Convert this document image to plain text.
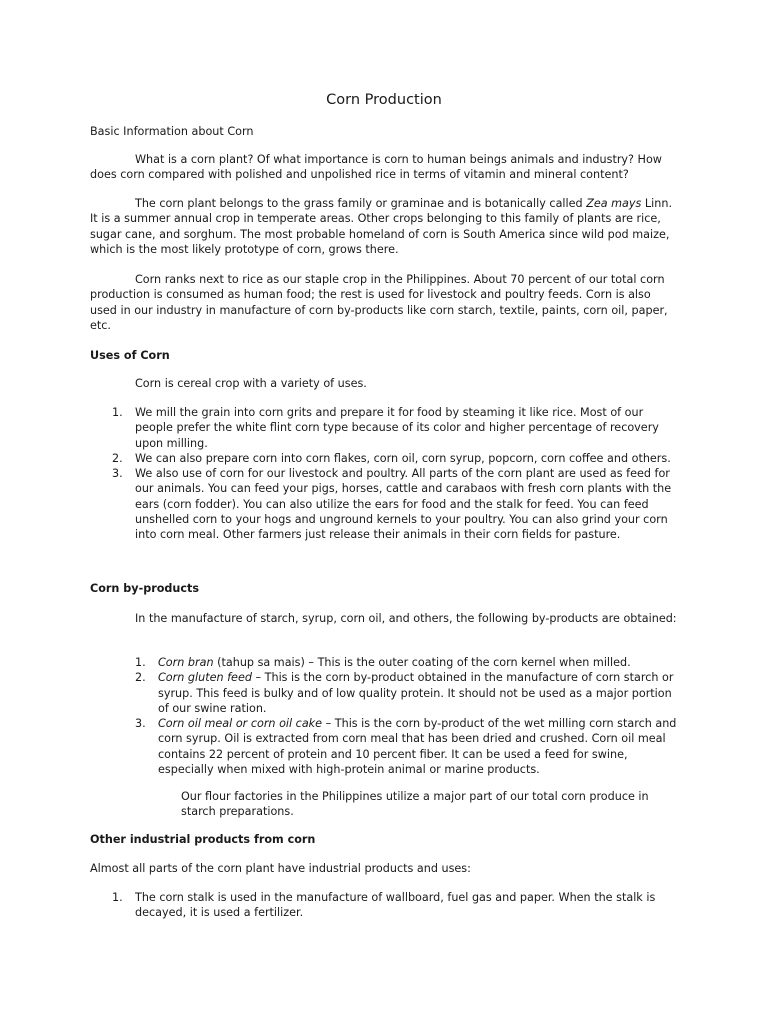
Corn Production

Basic Information about Corn

What is a corn plant? Of what importance is corn to human beings animals and industry? How does corn compared with polished and unpolished rice in terms of vitamin and mineral content?

The corn plant belongs to the grass family or graminae and is botanically called Zea mays Linn. It is a summer annual crop in temperate areas. Other crops belonging to this family of plants are rice, sugar cane, and sorghum. The most probable homeland of corn is South America since wild pod maize, which is the most likely prototype of corn, grows there.

Corn ranks next to rice as our staple crop in the Philippines. About 70 percent of our total corn production is consumed as human food; the rest is used for livestock and poultry feeds. Corn is also used in our industry in manufacture of corn by-products like corn starch, textile, paints, corn oil, paper, etc.

Uses of Corn

Corn is cereal crop with a variety of uses.

1. We mill the grain into corn grits and prepare it for food by steaming it like rice. Most of our people prefer the white flint corn type because of its color and higher percentage of recovery upon milling.
2. We can also prepare corn into corn flakes, corn oil, corn syrup, popcorn, corn coffee and others.
3. We also use of corn for our livestock and poultry. All parts of the corn plant are used as feed for our animals. You can feed your pigs, horses, cattle and carabaos with fresh corn plants with the ears (corn fodder). You can also utilize the ears for food and the stalk for feed. You can feed unshelled corn to your hogs and unground kernels to your poultry. You can also grind your corn into corn meal. Other farmers just release their animals in their corn fields for pasture.

Corn by-products

In the manufacture of starch, syrup, corn oil, and others, the following by-products are obtained:

1. Corn bran (tahup sa mais) – This is the outer coating of the corn kernel when milled.
2. Corn gluten feed – This is the corn by-product obtained in the manufacture of corn starch or syrup. This feed is bulky and of low quality protein. It should not be used as a major portion of our swine ration.
3. Corn oil meal or corn oil cake – This is the corn by-product of the wet milling corn starch and corn syrup. Oil is extracted from corn meal that has been dried and crushed. Corn oil meal contains 22 percent of protein and 10 percent fiber. It can be used a feed for swine, especially when mixed with high-protein animal or marine products.

Our flour factories in the Philippines utilize a major part of our total corn produce in starch preparations.

Other industrial products from corn

Almost all parts of the corn plant have industrial products and uses:

1. The corn stalk is used in the manufacture of wallboard, fuel gas and paper. When the stalk is decayed, it is used a fertilizer.
